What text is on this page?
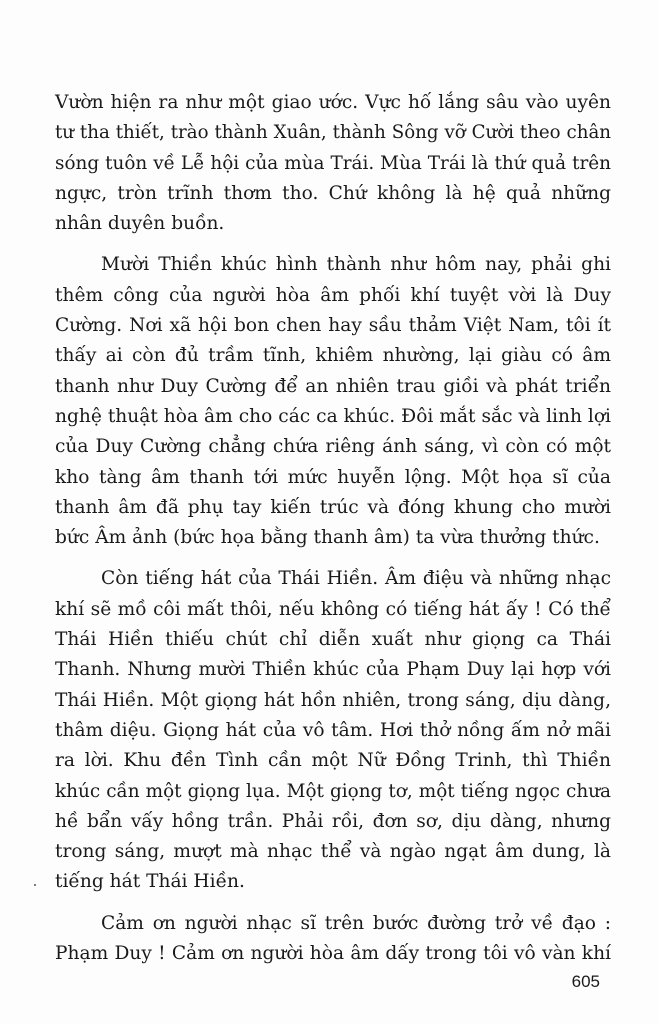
Vườn hiện ra như một giao ước. Vực hố lắng sâu vào uyên
tư tha thiết, trào thành Xuân, thành Sông vỡ Cười theo chân
sóng tuôn về Lễ hội của mùa Trái. Mùa Trái là thứ quả trên
ngực, tròn trĩnh thơm tho. Chứ không là hệ quả những
nhân duyên buồn.

Mười Thiền khúc hình thành như hôm nay, phải ghi
thêm công của người hòa âm phối khí tuyệt vời là Duy
Cường. Nơi xã hội bon chen hay sầu thảm Việt Nam, tôi ít
thấy ai còn đủ trầm tĩnh, khiêm nhường, lại giàu có âm
thanh như Duy Cường để an nhiên trau giồi và phát triển
nghệ thuật hòa âm cho các ca khúc. Đôi mắt sắc và linh lợi
của Duy Cường chẳng chứa riêng ánh sáng, vì còn có một
kho tàng âm thanh tới mức huyễn lộng. Một họa sĩ của
thanh âm đã phụ tay kiến trúc và đóng khung cho mười
bức Âm ảnh (bức họa bằng thanh âm) ta vừa thưởng thức.

Còn tiếng hát của Thái Hiền. Âm điệu và những nhạc
khí sẽ mồ côi mất thôi, nếu không có tiếng hát ấy ! Có thể
Thái Hiền thiếu chút chỉ diễn xuất như giọng ca Thái
Thanh. Nhưng mười Thiền khúc của Phạm Duy lại hợp với
Thái Hiền. Một giọng hát hồn nhiên, trong sáng, dịu dàng,
thâm diệu. Giọng hát của vô tâm. Hơi thở nồng ấm nở mãi
ra lời. Khu đền Tình cần một Nữ Đồng Trinh, thì Thiền
khúc cần một giọng lụa. Một giọng tơ, một tiếng ngọc chưa
hề bẩn vấy hồng trần. Phải rồi, đơn sơ, dịu dàng, nhưng
trong sáng, mượt mà nhạc thể và ngào ngạt âm dung, là
tiếng hát Thái Hiền.

Cảm ơn người nhạc sĩ trên bước đường trở về đạo :
Phạm Duy ! Cảm ơn người hòa âm dấy trong tôi vô vàn khí

605
